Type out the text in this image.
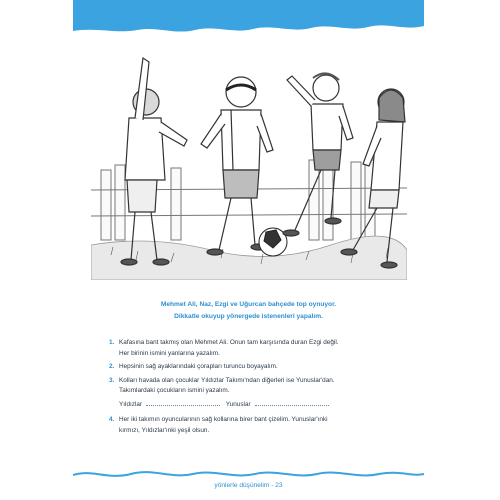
Mehmet Ali, Naz, Ezgi ve Uğurcan bahçede top oynuyor.
Dikkatle okuyup yönergede istenenleri yapalım.
1. Kafasına bant takmış olan Mehmet Ali. Onun tam karşısında duran Ezgi değil.
Her birinin ismini yanlarına yazalım.
2. Hepsinin sağ ayaklarındaki çorapları turuncu boyayalım.
3. Kolları havada olan çocuklar Yıldızlar Takımı'ndan diğerleri ise Yunuslar'dan.
Takımlardaki çocukların ismini yazalım.
Yıldızlar	Yunuslar
4. Her iki takımın oyuncularının sağ kollarına birer bant çizelim. Yunuslar'ınki
kırmızı, Yıldızlar'ınki yeşil olsun.
yönlerle düşünelim - 23
